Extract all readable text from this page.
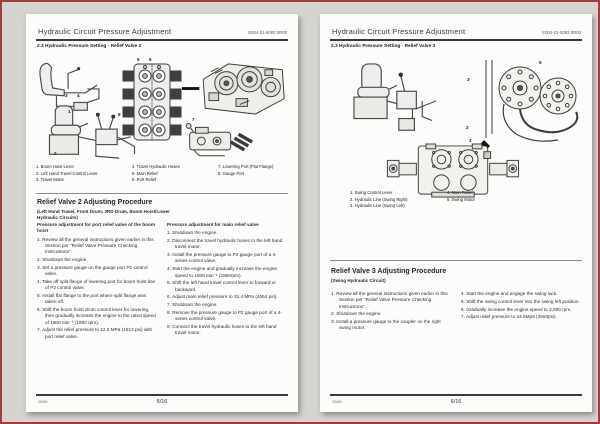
Hydraulic Circuit Pressure Adjustment	E004-01-5082.0R00
2.3 Hydraulic Pressure Setting - Relief Valve 2
1
2
3 4
5 6
7
8
1. Boom Hoist Lever
2. Left Hand Travel Control Lever
3. Travel Motor
4. Travel Hydraulic Hoses
5. Main Relief
6. Port Relief
7. Lowering Port (Flat Flange)
8. Gauge Port
Relief Valve 2 Adjusting Procedure
(Left Hand Travel, Front Drum, 3RD Drum, Boom Hoist/Lower Hydraulic Circuits)
Pressure adjustment for port relief valve of the boom hoist
1. Review all the general instructions given earlier in this Section per "Relief Valve Pressure Checking Instructions".
2. Shutdown the engine.
3. Set a pressure gauge on the gauge port P2 control valve.
4. Take off split flange of lowering port for boom hoist line of P2 control valve.
5. Install flat flange to the port where split flange was taken off.
6. Shift the boom hoist drum control lever for lowering, then gradually increase the engine to the rated speed of 1800 min⁻¹ (1800 rpm).
7. Adjust the relief pressure to 12.5 MPa (1813 psi) with port relief valve.
Pressure adjustment for main relief valve
1. Shutdown the engine.
2. Disconnect the travel hydraulic hoses to the left hand travel motor.
3. Install the pressure gauge to P2 gauge port of a 4-series control valve.
4. Start the engine and gradually increase the engine speed to 1800 min⁻¹ (1800rpm).
5. Shift the left hand travel control lever to forward or backward.
6. Adjust main relief pressure to 31.4 MPa (4554 psi).
7. Shutdown the engine.
8. Remove the pressure gauge to P2 gauge port of a 4-series control valve.
9. Connect the travel hydraulic hoses to the left hand travel motor.
GN01	5/16
Hydraulic Circuit Pressure Adjustment	E004-01-5082.0R00
2.3 Hydraulic Pressure Setting - Relief Valve 3
1
2
3
4
5
1. Swing Control Lever
2. Hydraulic Line (Swing Right)
3. Hydraulic Line (Swing Left)
4. Main Relief
5. Swing Motor
Relief Valve 3 Adjusting Procedure
(Swing Hydraulic Circuit)
1. Review all the general instructions given earlier in this Section per "Relief Valve Pressure Checking Instructions".
2. Shutdown the engine.
3. Install a pressure gauge to the coupler on the right swing motor.
4. Start the engine and engage the swing lock.
5. Shift the swing control lever into the swing left position.
6. Gradually increase the engine speed to 2,000 rpm.
7. Adjust relief pressure to 24.5Mpa (3553psi).
GN01	6/16
